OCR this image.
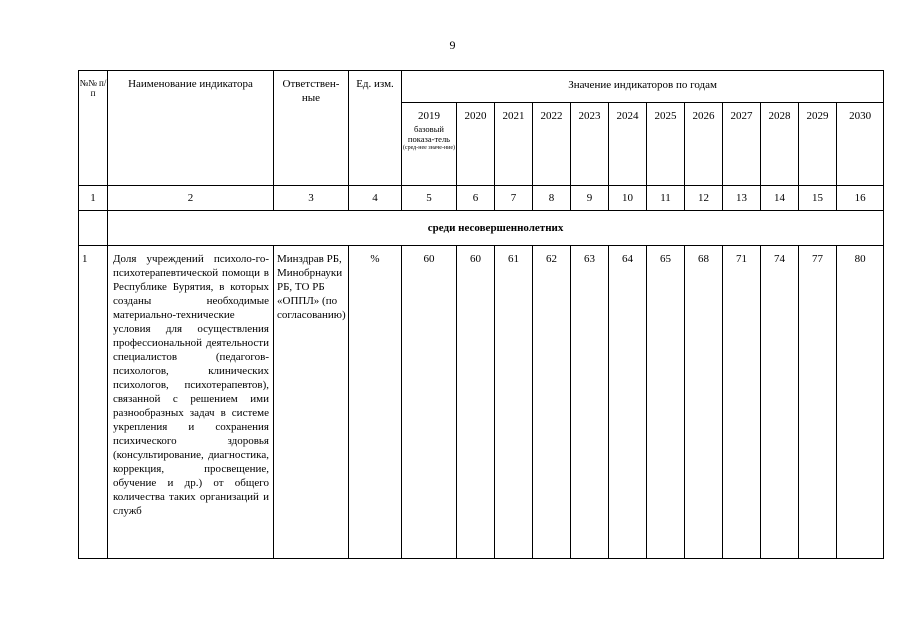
9
№№ п/п	Наименование индикатора	Ответствен-ные	Ед. изм.	Значение индикаторов по годам											

				2019
базовый показа-тель
(сред-нее значе-ние)	2020	2021	2022	2023	2024	2025	2026	2027	2028	2029	2030
1	2	3	4	5	6	7	8	9	10	11	12	13	14	15	16
	среди несовершеннолетних														
1	Доля учреждений психоло-го-психотерапевтической помощи в Республике Бурятия, в которых созданы необходимые материально-технические условия для осуществления профессиональной деятельности специалистов (педагогов-психологов, клинических психологов, психотерапевтов), связанной с решением ими разнообразных задач в системе укрепления и сохранения психического здоровья (консультирование, диагностика, коррекция, просвещение, обучение и др.) от общего количества таких организаций и служб	Минздрав РБ, Минобрнауки РБ, ТО РБ «ОППЛ» (по согласованию)	%	60	60	61	62	63	64	65	68	71	74	77	80
